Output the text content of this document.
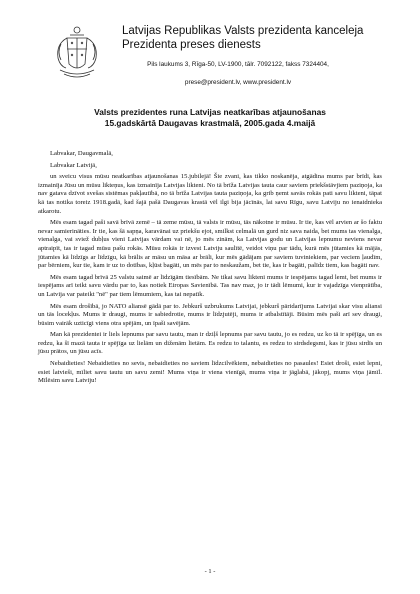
Latvijas Republikas Valsts prezidenta kanceleja
Prezidenta preses dienests
Pils laukums 3, Rīga-50, LV-1900, tālr. 7092122, fakss 7324404,
prese@president.lv, www.president.lv
Valsts prezidentes runa Latvijas neatkarības atjaunošanas
15.gadskārtā Daugavas krastmalā, 2005.gada 4.maijā

Labvakar, Daugavmalā,

Labvakar Latvijā,

un sveicu visus mūsu neatkarības atjaunošanas 15.jubilejā! Šie zvani, kas tikko noskanēja, atgādina mums par brīdi, kas izmainīja Jūsu un mūsu likteņus, kas izmainīja Latvijas likteni. No tā brīža Latvijas tauta caur saviem priekšstāvjiem paziņoja, ka nav gatava dzīvot svešas sistēmas pakļautībā, no tā brīža Latvijas tauta paziņoja, ka grib ņemt savās rokās pati savu likteni, tāpat kā tas notika toreiz 1918.gadā, kad šajā pašā Daugavas krastā vēl ilgi bija jācīnās, lai savu Rīgu, savu Latviju no ienaidnieka atkarotu.

Mēs esam tagad paši savā brīvā zemē – tā zeme mūsu, tā valsts ir mūsu, tās nākotne ir mūsu. Ir tie, kas vēl arvien ar šo faktu nevar samierināties. Ir tie, kas šā sapņa, karavānai uz priekšu ejot, smilkst celmalā un gurd niz sava naida, bet mums tas vienalga, vienalga, vai sviež dubļus vieni Latvijas vārdam vai nē, jo mēs zinām, ka Latvijas godu un Latvijas lepnumu neviens nevar aptraipīt, tas ir tagad mūsu pašu rokās. Mūsu rokās ir izvest Latviju saulītē, veidot viņu par tādu, kurā mēs jūtamies kā mājās, jūtamies kā līdzīgs ar līdzīgu, kā brālis ar māsu un māsa ar brāli, kur mēs gādājam par saviem tuviniekiem, par veciem ļaudīm, par bērniem, kur tie, kam ir uz to dotības, kļūst bagāti, un mēs par to neskaužam, bet tie, kas ir bagāti, palīdz tiem, kas bagāti nav.

Mēs esam tagad brīvā 25 valstu saimē ar līdzīgām tiesībām. Ne tikai savu likteni mums ir iespējams tagad lemt, bet mums ir iespējams arī teikt savu vārdu par to, kas notiek Eiropas Savienībā. Tas nav maz, jo ir tādi lēmumi, kur ir vajadzīga vienprātība, un Latvija var pateikt "nē" par tiem lēmumiem, kas tai nepatīk.

Mēs esam drošībā, jo NATO aliansē gādā par to. Jebkurš uzbrukums Latvijai, jebkurš pāridarījums Latvijai skar visu aliansi un tās locekļus. Mums ir draugi, mums ir sabiedrotie, mums ir līdzjutēji, mums ir atbalstītāji. Būsim mēs paši arī sev draugi, būsim vairāk uzticīgi viens otra spējām, un īpaši savējām.

Man kā prezidentei ir liels lepnums par savu tautu, man ir dziļš lepnums par savu tautu, jo es redzu, uz ko tā ir spējīga, un es redzu, ka šī mazā tauta ir spējīga uz lielām un diženām lietām. Es redzu to talantu, es redzu to sirdsdegsmi, kas ir jūsu sirdīs un jūsu prātos, un jūsu acīs.

Nebaidieties! Nebaidieties no sevis, nebaidieties no saviem līdzcilvēkiem, nebaidieties no pasaules! Esiet droši, esiet lepni, esiet latvieši, mīliet savu tautu un savu zemi! Mums viņa ir viena vienīgā, mums viņa ir jāglabā, jākopj, mums viņa jāmīl. Mīlēsim savu Latviju!

- 1 -
